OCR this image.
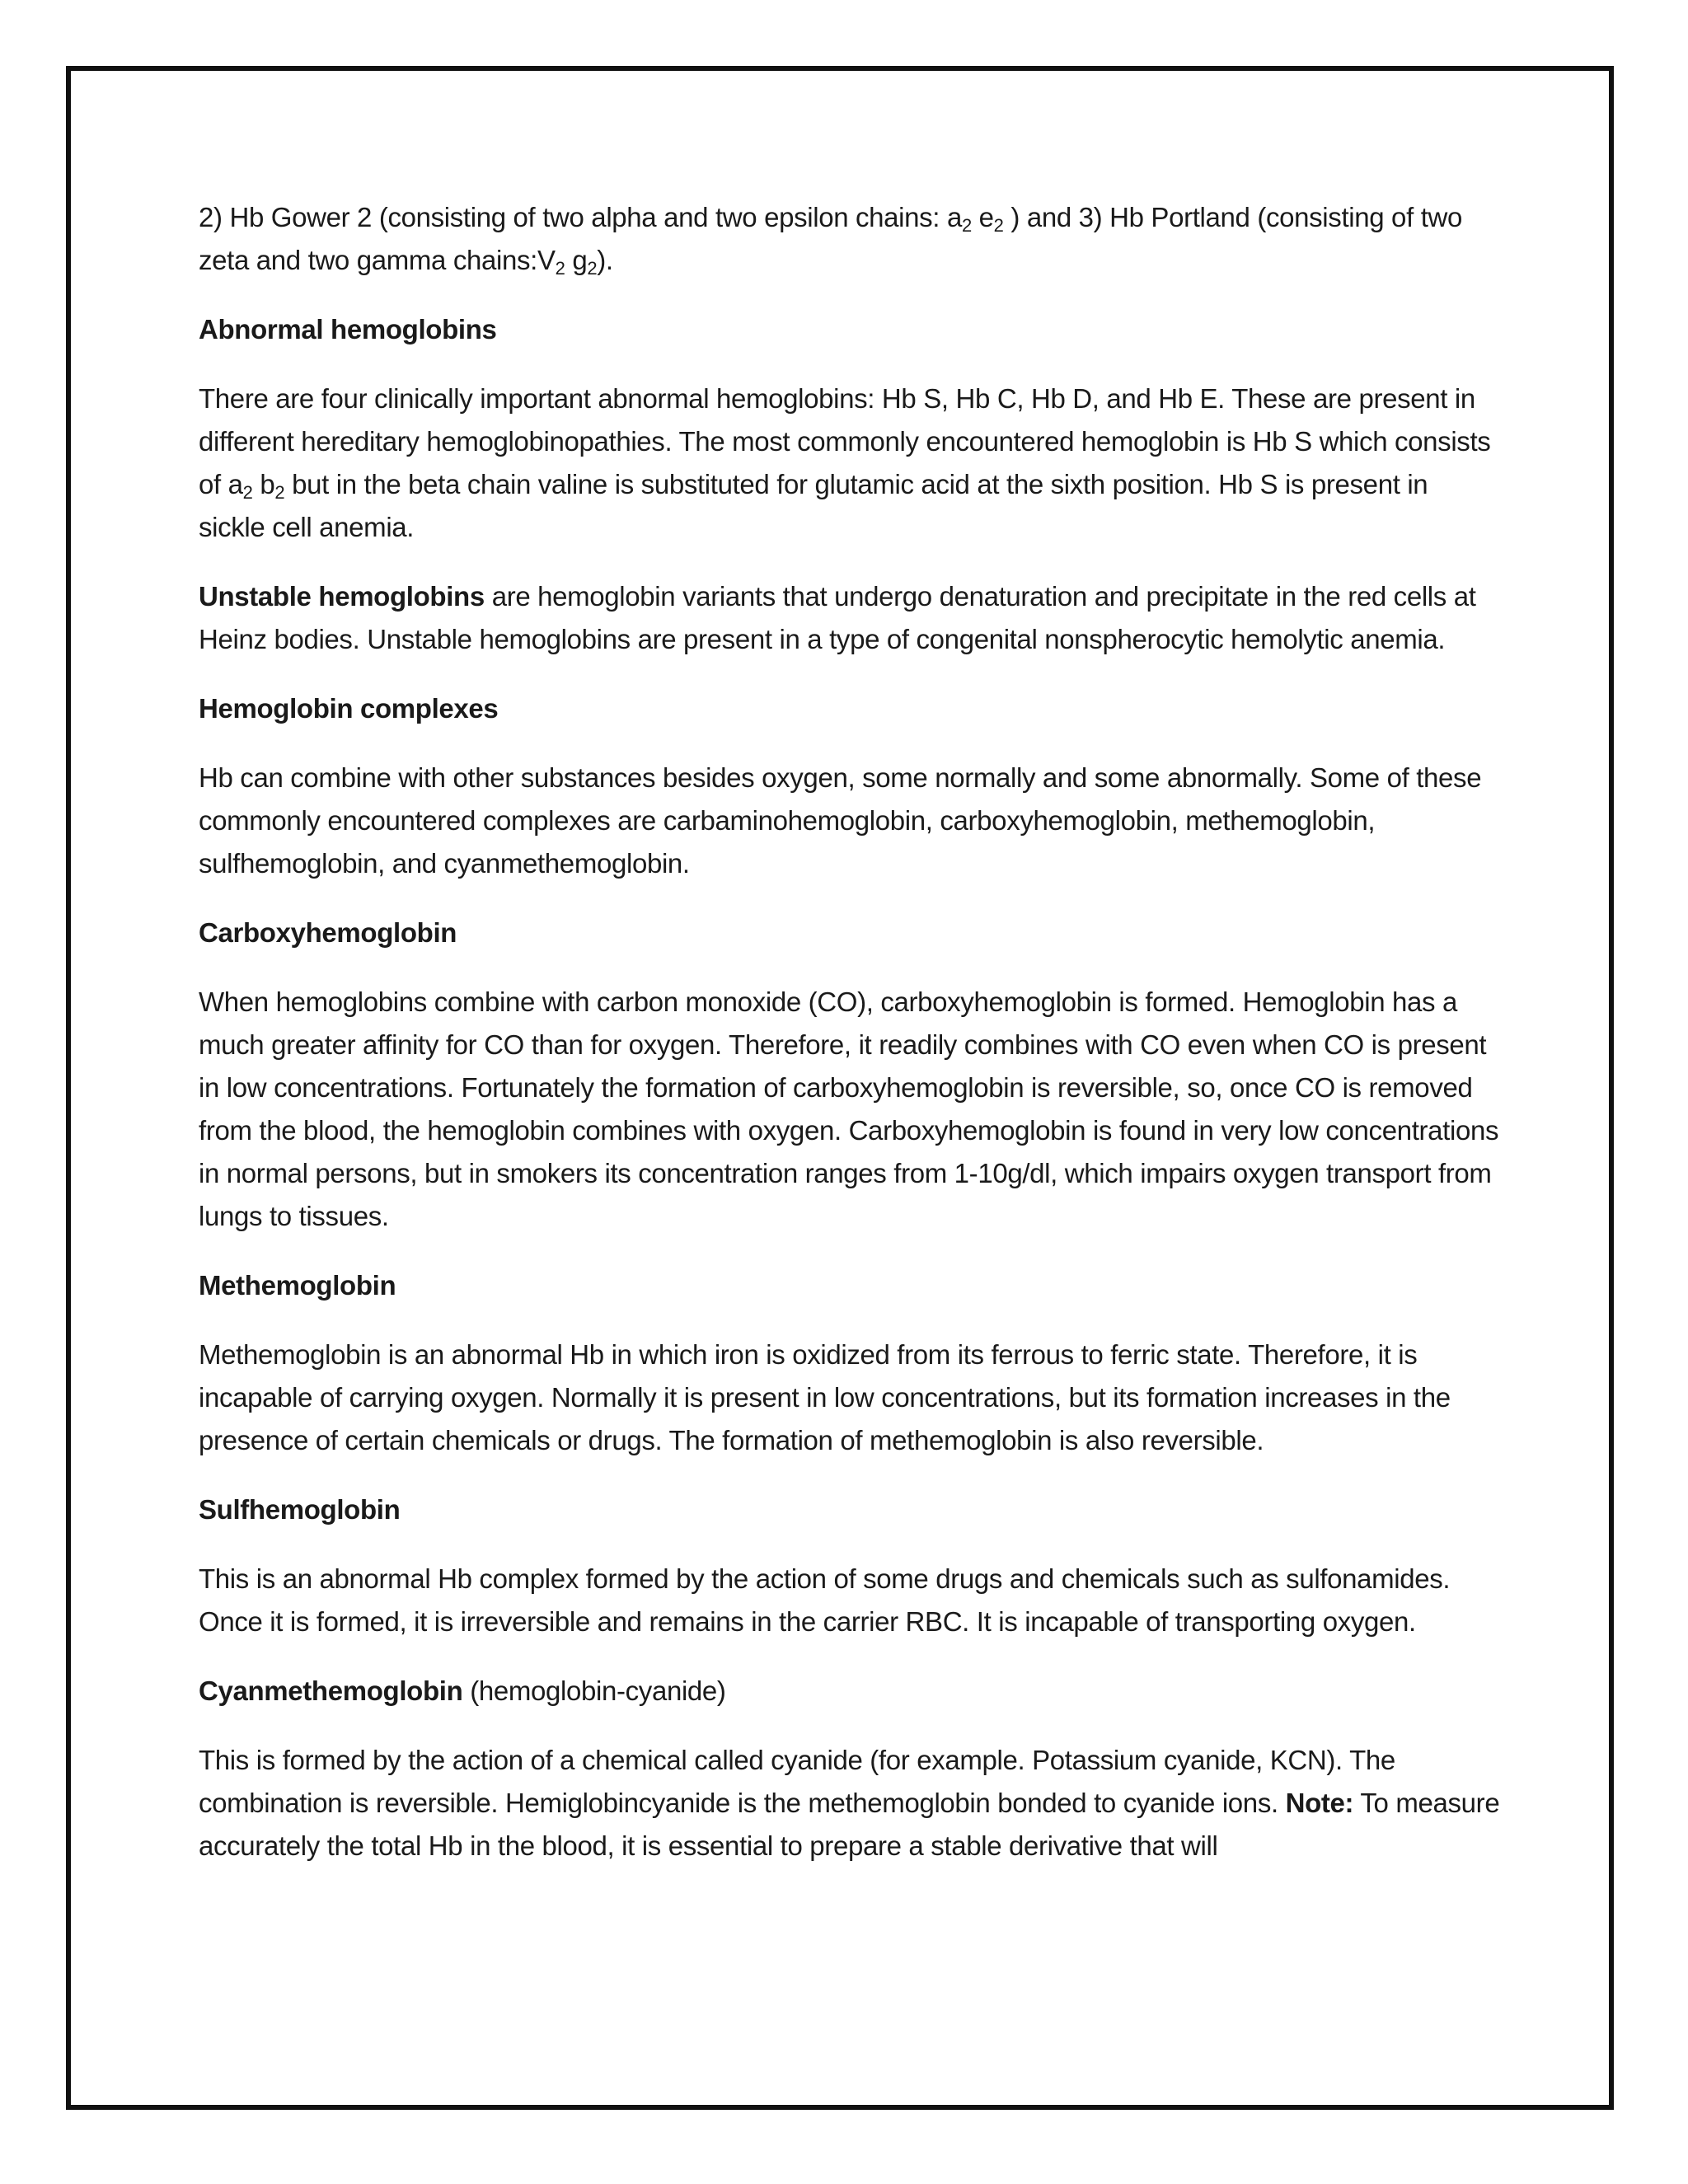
2) Hb Gower 2 (consisting of two alpha and two epsilon chains: $a_2$ $e_2$ ) and 3) Hb Portland (consisting of two zeta and two gamma $chains:V_2$ $g_2$).

Abnormal hemoglobins

There are four clinically important abnormal hemoglobins: Hb S, Hb C, Hb D, and Hb E. These are present in different hereditary hemoglobinopathies. The most commonly encountered hemoglobin is Hb S which consists of $a_2$ $b_2$ but in the beta chain valine is substituted for glutamic acid at the sixth position. Hb S is present in sickle cell anemia.

Unstable hemoglobins are hemoglobin variants that undergo denaturation and precipitate in the red cells at Heinz bodies. Unstable hemoglobins are present in a type of congenital nonspherocytic hemolytic anemia.

Hemoglobin complexes

Hb can combine with other substances besides oxygen, some normally and some abnormally. Some of these commonly encountered complexes are carbaminohemoglobin, carboxyhemoglobin, methemoglobin, sulfhemoglobin, and cyanmethemoglobin.

Carboxyhemoglobin

When hemoglobins combine with carbon monoxide (CO), carboxyhemoglobin is formed. Hemoglobin has a much greater affinity for CO than for oxygen. Therefore, it readily combines with CO even when CO is present in low concentrations. Fortunately the formation of carboxyhemoglobin is reversible, so, once CO is removed from the blood, the hemoglobin combines with oxygen. Carboxyhemoglobin is found in very low concentrations in normal persons, but in smokers its concentration ranges from 1-10g/dl, which impairs oxygen transport from lungs to tissues.

Methemoglobin

Methemoglobin is an abnormal Hb in which iron is oxidized from its ferrous to ferric state. Therefore, it is incapable of carrying oxygen. Normally it is present in low concentrations, but its formation increases in the presence of certain chemicals or drugs. The formation of methemoglobin is also reversible.

Sulfhemoglobin

This is an abnormal Hb complex formed by the action of some drugs and chemicals such as sulfonamides. Once it is formed, it is irreversible and remains in the carrier RBC. It is incapable of transporting oxygen.

Cyanmethemoglobin (hemoglobin-cyanide)

This is formed by the action of a chemical called cyanide (for example. Potassium cyanide, KCN). The combination is reversible. Hemiglobincyanide is the methemoglobin bonded to cyanide ions. Note: To measure accurately the total Hb in the blood, it is essential to prepare a stable derivative that will
